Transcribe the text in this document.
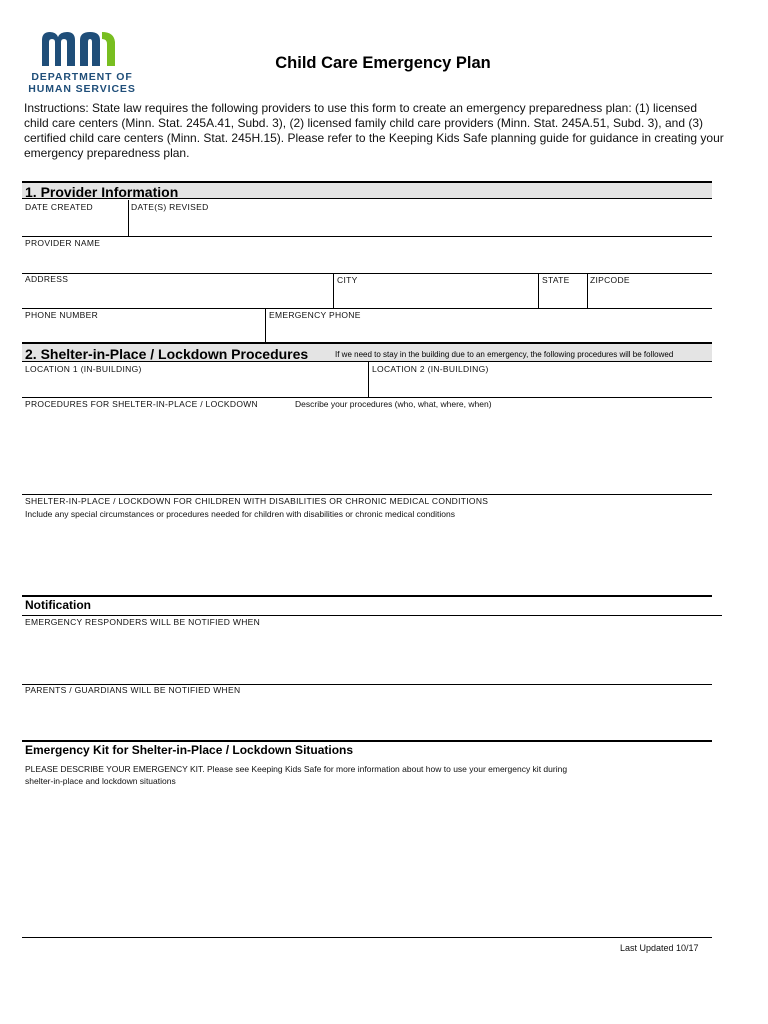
DEPARTMENT OF
HUMAN SERVICES
Child Care Emergency Plan
Instructions: State law requires the following providers to use this form to create an emergency preparedness plan: (1) licensed child care centers (Minn. Stat. 245A.41, Subd. 3), (2) licensed family child care providers (Minn. Stat. 245A.51, Subd. 3), and (3) certified child care centers (Minn. Stat. 245H.15). Please refer to the Keeping Kids Safe planning guide for guidance in creating your emergency preparedness plan.
1. Provider Information
DATE CREATED	DATE(S) REVISED
PROVIDER NAME
ADDRESS	CITY	STATE ZIPCODE
PHONE NUMBER	EMERGENCY PHONE
2. Shelter-in-Place / Lockdown Procedures	If we need to stay in the building due to an emergency, the following procedures will be followed
LOCATION 1 (IN-BUILDING)	LOCATION 2 (IN-BUILDING)
PROCEDURES FOR SHELTER-IN-PLACE / LOCKDOWN	Describe your procedures (who, what, where, when)
SHELTER-IN-PLACE / LOCKDOWN FOR CHILDREN WITH DISABILITIES OR CHRONIC MEDICAL CONDITIONS
Include any special circumstances or procedures needed for children with disabilities or chronic medical conditions
Notification
EMERGENCY RESPONDERS WILL BE NOTIFIED WHEN
PARENTS / GUARDIANS WILL BE NOTIFIED WHEN
Emergency Kit for Shelter-in-Place / Lockdown Situations
PLEASE DESCRIBE YOUR EMERGENCY KIT. Please see Keeping Kids Safe for more information about how to use your emergency kit during
shelter-in-place and lockdown situations
Last Updated 10/17
